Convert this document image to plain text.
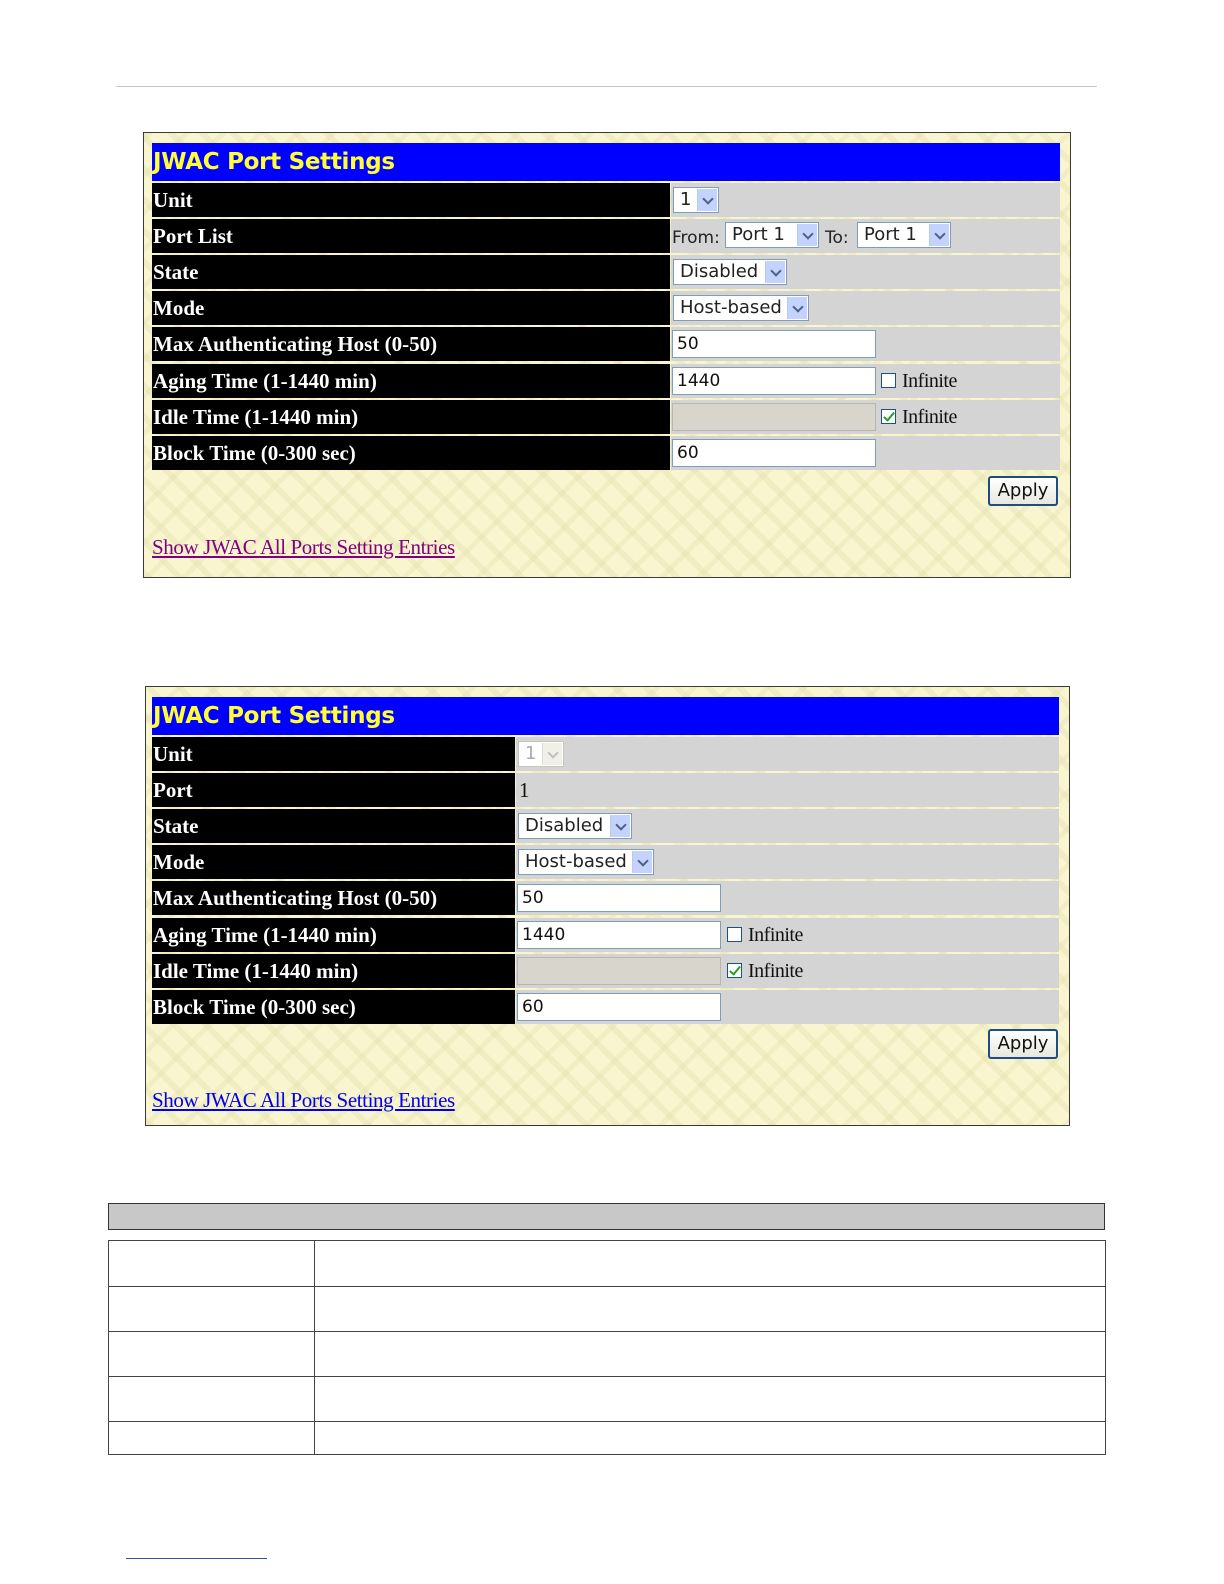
JWAC Port Settings
Unit	1
Port List	From: Port 1	To: Port 1
State	Disabled
Mode	Host-based
Max Authenticating Host (0-50)	50
Aging Time (1-1440 min)	1440	Infinite
Idle Time (1-1440 min)	Infinite
Block Time (0-300 sec)	60
Apply
Show JWAC All Ports Setting Entries
JWAC Port Settings
Unit	1
Port	1
State	Disabled
Mode	Host-based
Max Authenticating Host (0-50)	50
Aging Time (1-1440 min)	1440	Infinite
Idle Time (1-1440 min)	Infinite
Block Time (0-300 sec)	60
Apply
Show JWAC All Ports Setting Entries
